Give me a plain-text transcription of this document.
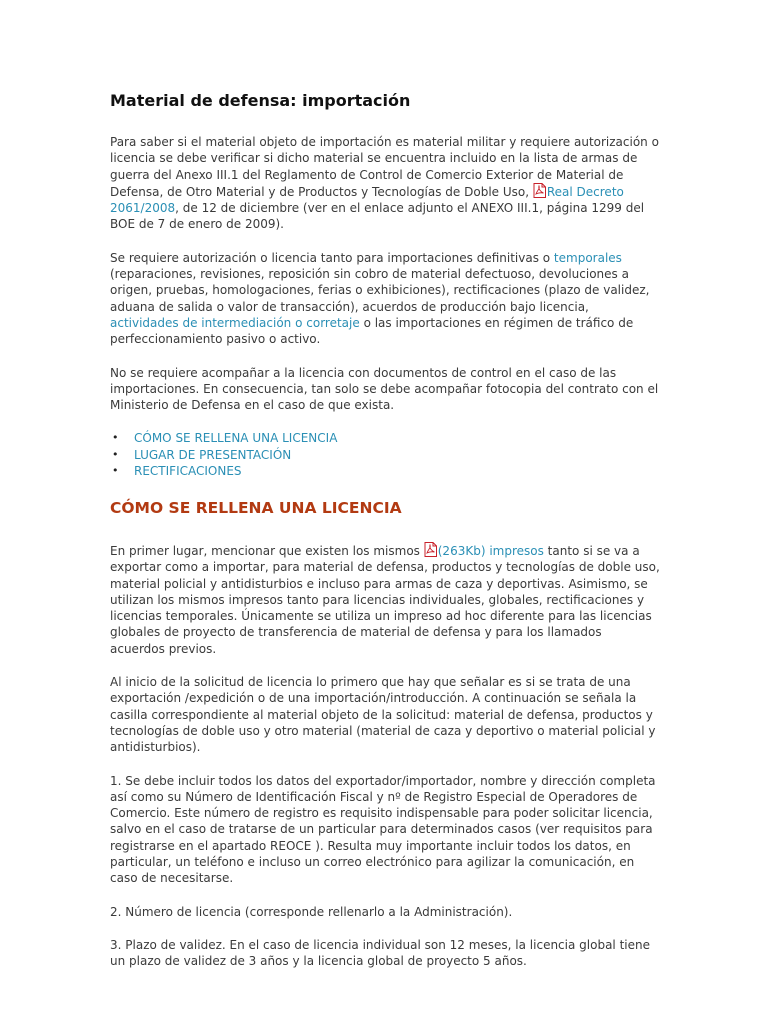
Material de defensa: importación

Para saber si el material objeto de importación es material militar y requiere autorización o licencia se debe verificar si dicho material se encuentra incluido en la lista de armas de guerra del Anexo III.1 del Reglamento de Control de Comercio Exterior de Material de Defensa, de Otro Material y de Productos y Tecnologías de Doble Uso, Real Decreto 2061/2008, de 12 de diciembre (ver en el enlace adjunto el ANEXO III.1, página 1299 del BOE de 7 de enero de 2009).

Se requiere autorización o licencia tanto para importaciones definitivas o temporales (reparaciones, revisiones, reposición sin cobro de material defectuoso, devoluciones a origen, pruebas, homologaciones, ferias o exhibiciones), rectificaciones (plazo de validez, aduana de salida o valor de transacción), acuerdos de producción bajo licencia, actividades de intermediación o corretaje o las importaciones en régimen de tráfico de perfeccionamiento pasivo o activo.

No se requiere acompañar a la licencia con documentos de control en el caso de las importaciones. En consecuencia, tan solo se debe acompañar fotocopia del contrato con el Ministerio de Defensa en el caso de que exista.

• CÓMO SE RELLENA UNA LICENCIA
• LUGAR DE PRESENTACIÓN
• RECTIFICACIONES
CÓMO SE RELLENA UNA LICENCIA

En primer lugar, mencionar que existen los mismos (263Kb) impresos tanto si se va a exportar como a importar, para material de defensa, productos y tecnologías de doble uso, material policial y antidisturbios e incluso para armas de caza y deportivas. Asimismo, se utilizan los mismos impresos tanto para licencias individuales, globales, rectificaciones y licencias temporales. Únicamente se utiliza un impreso ad hoc diferente para las licencias globales de proyecto de transferencia de material de defensa y para los llamados acuerdos previos.

Al inicio de la solicitud de licencia lo primero que hay que señalar es si se trata de una exportación /expedición o de una importación/introducción. A continuación se señala la casilla correspondiente al material objeto de la solicitud: material de defensa, productos y tecnologías de doble uso y otro material (material de caza y deportivo o material policial y antidisturbios).

1. Se debe incluir todos los datos del exportador/importador, nombre y dirección completa así como su Número de Identificación Fiscal y nº de Registro Especial de Operadores de Comercio. Este número de registro es requisito indispensable para poder solicitar licencia, salvo en el caso de tratarse de un particular para determinados casos (ver requisitos para registrarse en el apartado REOCE ). Resulta muy importante incluir todos los datos, en particular, un teléfono e incluso un correo electrónico para agilizar la comunicación, en caso de necesitarse.

2. Número de licencia (corresponde rellenarlo a la Administración).

3. Plazo de validez. En el caso de licencia individual son 12 meses, la licencia global tiene un plazo de validez de 3 años y la licencia global de proyecto 5 años.
